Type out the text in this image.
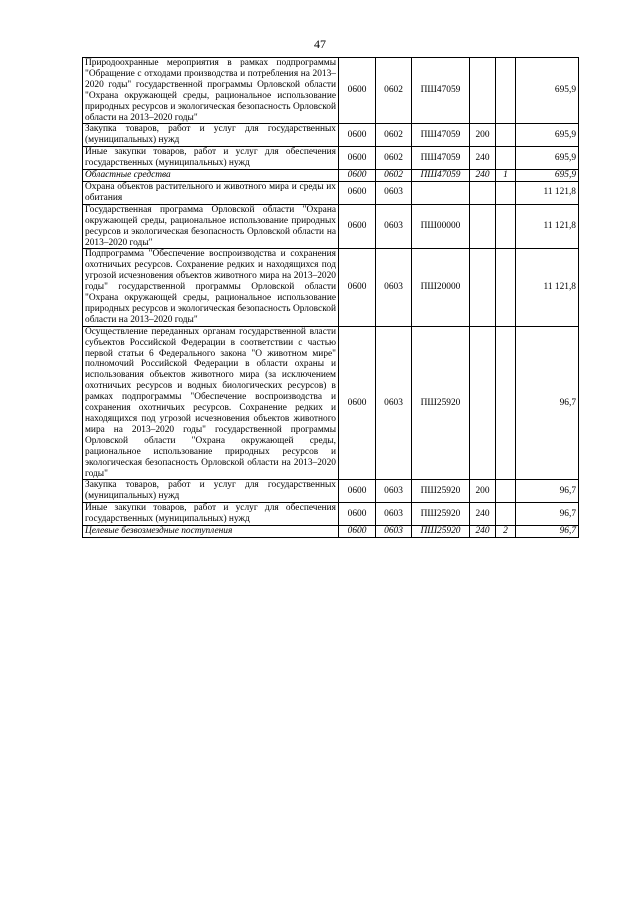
47
Природоохранные мероприятия в рамках подпрограммы "Обращение с отходами производства и потребления на 2013–2020 годы" государственной программы Орловской области "Охрана окружающей среды, рациональное использование природных ресурсов и экологическая безопасность Орловской области на 2013–2020 годы"	0600	0602	ПШ47059			695,9
Закупка товаров, работ и услуг для государственных (муниципальных) нужд	0600	0602	ПШ47059	200		695,9
Иные закупки товаров, работ и услуг для обеспечения государственных (муниципальных) нужд	0600	0602	ПШ47059	240		695,9
Областные средства	0600	0602	ПШ47059	240	1	695,9
Охрана объектов растительного и животного мира и среды их обитания	0600	0603				11 121,8
Государственная программа Орловской области "Охрана окружающей среды, рациональное использование природных ресурсов и экологическая безопасность Орловской области на 2013–2020 годы"	0600	0603	ПШ00000			11 121,8
Подпрограмма "Обеспечение воспроизводства и сохранения охотничьих ресурсов. Сохранение редких и находящихся под угрозой исчезновения объектов животного мира на 2013–2020 годы" государственной программы Орловской области "Охрана окружающей среды, рациональное использование природных ресурсов и экологическая безопасность Орловской области на 2013–2020 годы"	0600	0603	ПШ20000			11 121,8
Осуществление переданных органам государственной власти субъектов Российской Федерации в соответствии с частью первой статьи 6 Федерального закона "О животном мире" полномочий Российской Федерации в области охраны и использования объектов животного мира (за исключением охотничьих ресурсов и водных биологических ресурсов) в рамках подпрограммы "Обеспечение воспроизводства и сохранения охотничьих ресурсов. Сохранение редких и находящихся под угрозой исчезновения объектов животного мира на 2013–2020 годы" государственной программы Орловской области "Охрана окружающей среды, рациональное использование природных ресурсов и экологическая безопасность Орловской области на 2013–2020 годы"	0600	0603	ПШ25920			96,7
Закупка товаров, работ и услуг для государственных (муниципальных) нужд	0600	0603	ПШ25920	200		96,7
Иные закупки товаров, работ и услуг для обеспечения государственных (муниципальных) нужд	0600	0603	ПШ25920	240		96,7
Целевые безвозмездные поступления	0600	0603	ПШ25920	240	2	96,7
